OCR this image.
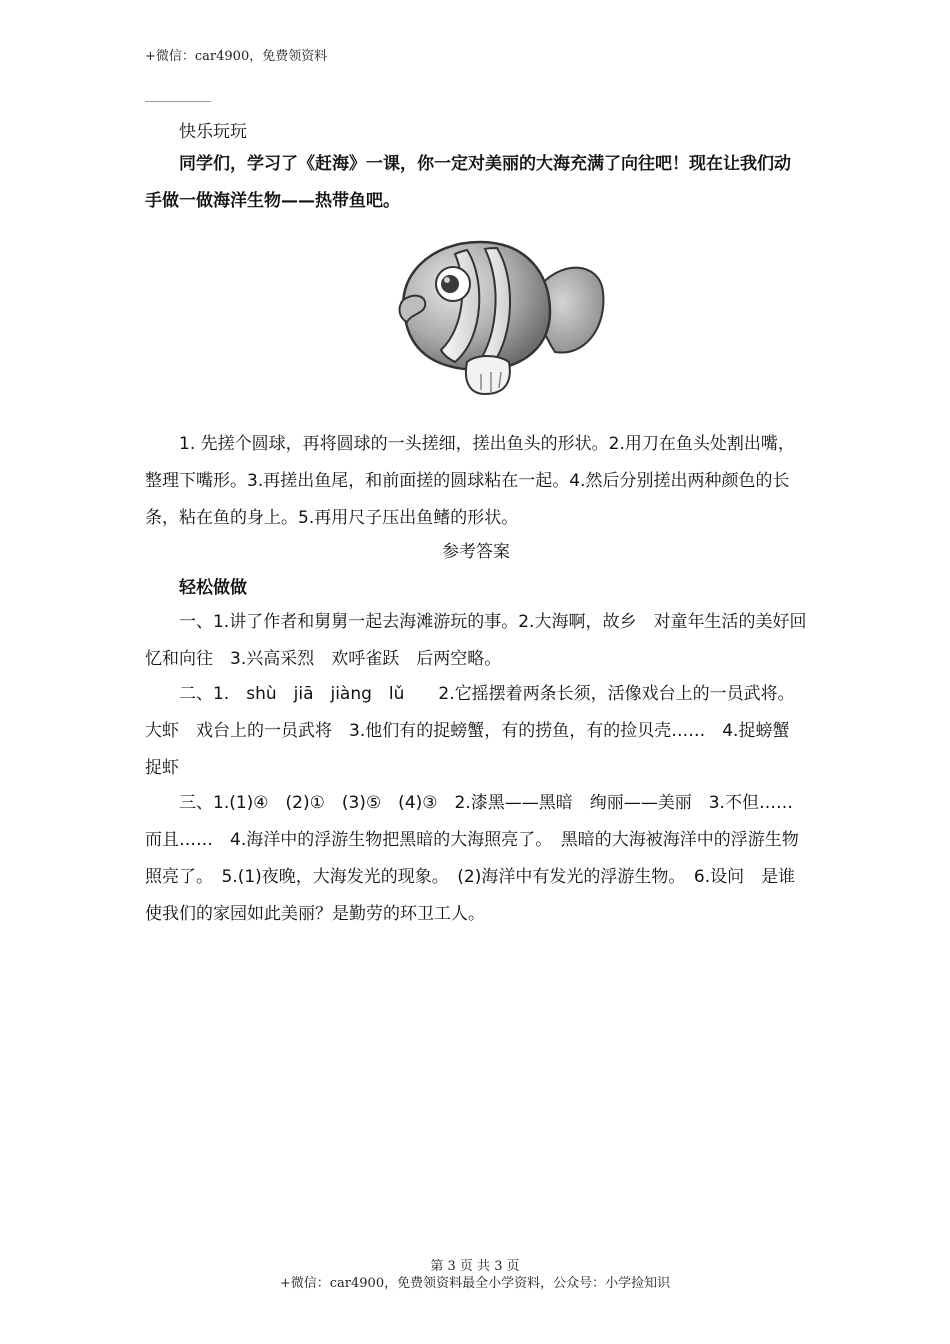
+微信：car4900，免费领资料
快乐玩玩
同学们，学习了《赶海》一课，你一定对美丽的大海充满了向往吧！现在让我们动手做一做海洋生物——热带鱼吧。
1. 先搓个圆球，再将圆球的一头搓细，搓出鱼头的形状。2.用刀在鱼头处割出嘴，整理下嘴形。3.再搓出鱼尾，和前面搓的圆球粘在一起。4.然后分别搓出两种颜色的长条，粘在鱼的身上。5.再用尺子压出鱼鳍的形状。
参考答案
轻松做做
一、1.讲了作者和舅舅一起去海滩游玩的事。2.大海啊，故乡　对童年生活的美好回忆和向往　3.兴高采烈　欢呼雀跃　后两空略。
二、1.　shù　jiā　jiàng　lǔ　　2.它摇摆着两条长须，活像戏台上的一员武将。　大虾　戏台上的一员武将　3.他们有的捉螃蟹，有的捞鱼，有的捡贝壳……　4.捉螃蟹　捉虾
三、1.(1)④　(2)①　(3)⑤　(4)③　2.漆黑——黑暗　绚丽——美丽　3.不但……而且……　4.海洋中的浮游生物把黑暗的大海照亮了。　黑暗的大海被海洋中的浮游生物照亮了。　5.(1)夜晚，大海发光的现象。　(2)海洋中有发光的浮游生物。　6.设问　是谁使我们的家园如此美丽？是勤劳的环卫工人。
第 3 页 共 3 页
+微信：car4900，免费领资料最全小学资料，公众号：小学捡知识
